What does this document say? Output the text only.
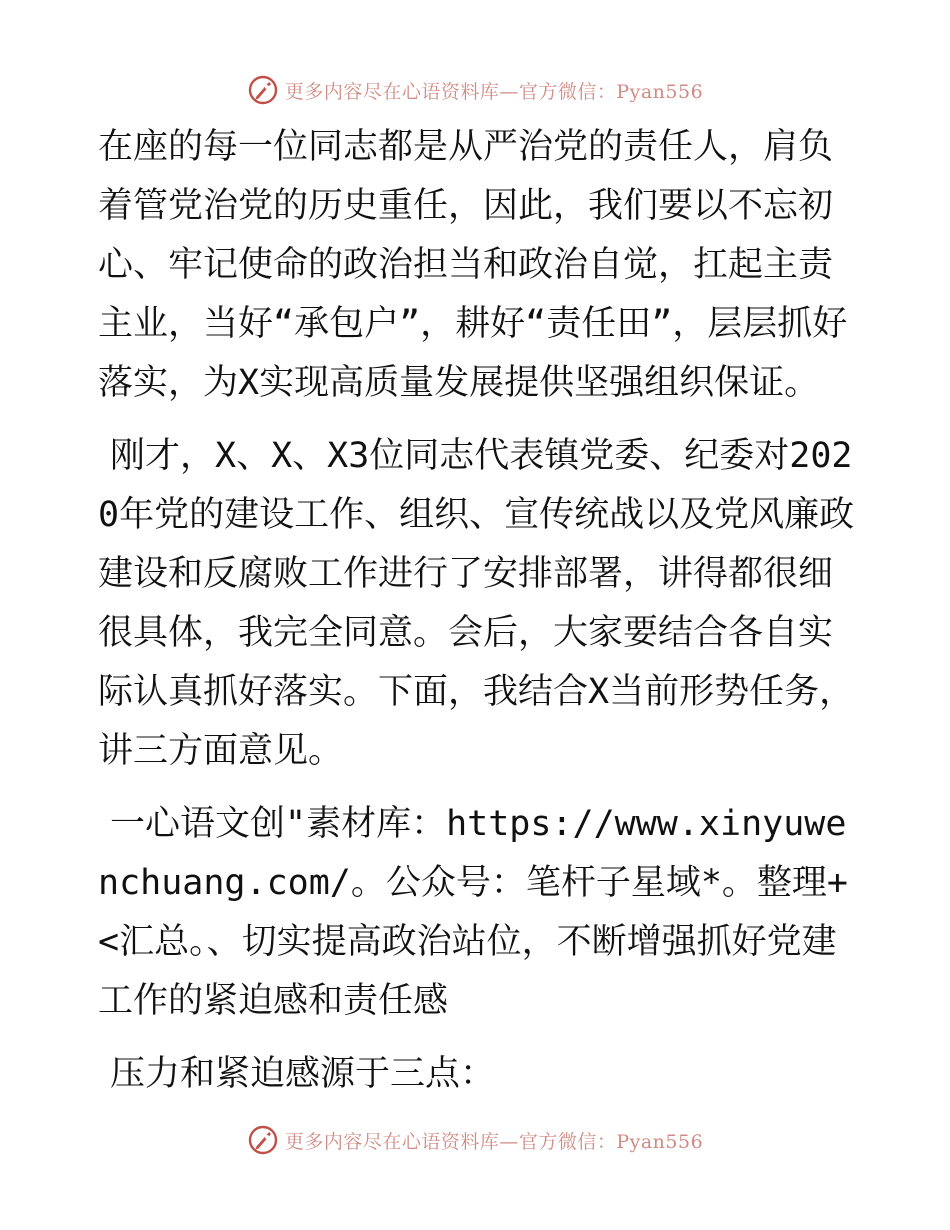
更多内容尽在心语资料库—官方微信：Pyan556

在座的每一位同志都是从严治党的责任人，肩负着管党治党的历史重任，因此，我们要以不忘初心、牢记使命的政治担当和政治自觉，扛起主责主业，当好“承包户”，耕好“责任田”，层层抓好落实，为X实现高质量发展提供坚强组织保证。

刚才，X、X、X3位同志代表镇党委、纪委对2020年党的建设工作、组织、宣传统战以及党风廉政建设和反腐败工作进行了安排部署，讲得都很细很具体，我完全同意。会后，大家要结合各自实际认真抓好落实。下面，我结合X当前形势任务，讲三方面意见。

一心语文创"素材库：https://www.xinyuwenchuang.com/。公众号：笔杆子星域*。整理+<汇总。、切实提高政治站位，不断增强抓好党建工作的紧迫感和责任感

压力和紧迫感源于三点：

更多内容尽在心语资料库—官方微信：Pyan556
